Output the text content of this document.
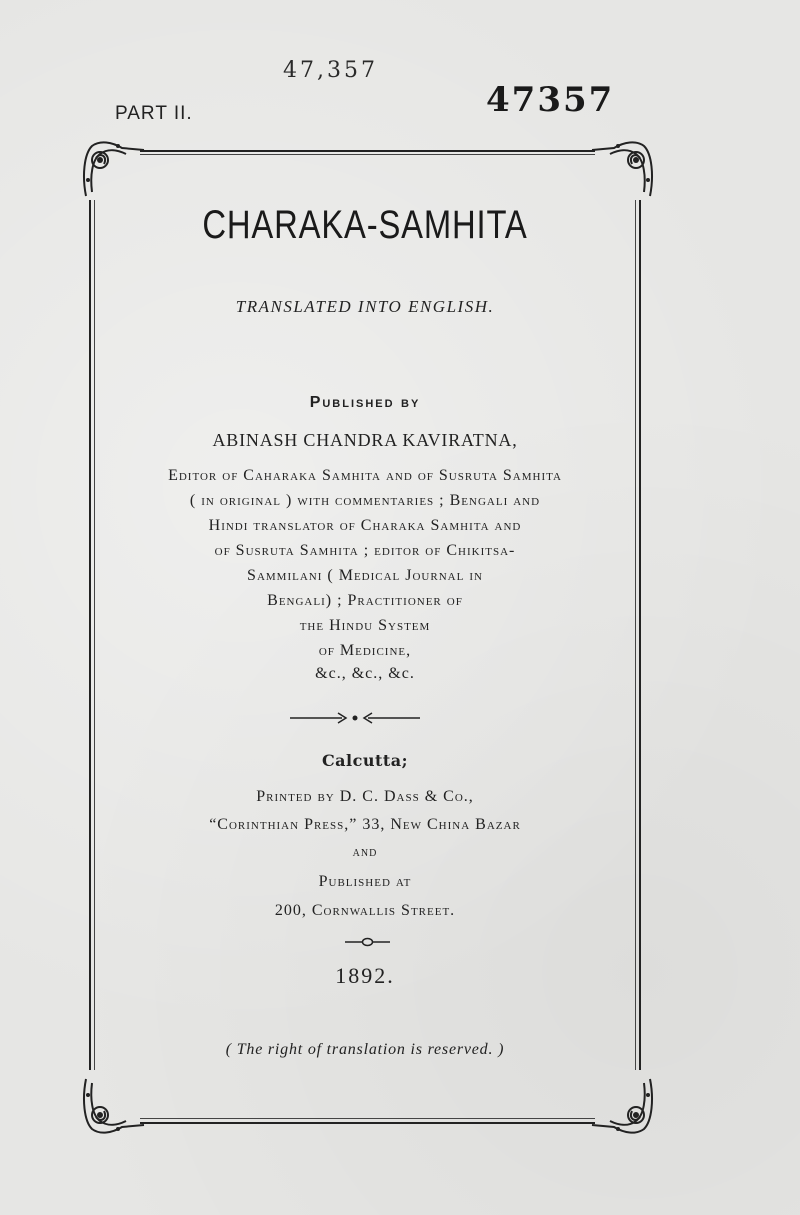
47,357
PART II.	47357
CHARAKA-SAMHITA
TRANSLATED INTO ENGLISH.
Published by
ABINASH CHANDRA KAVIRATNA,
Editor of Caharaka Samhita and of Susruta Samhita
( in original ) with commentaries ; Bengali and
Hindi translator of Charaka Samhita and
of Susruta Samhita ; editor of Chikitsa-
Sammilani ( Medical Journal in
Bengali) ; Practitioner of
the Hindu System
of Medicine,
&c., &c., &c.
Calcutta;
Printed by D. C. Dass & Co.,
“Corinthian Press,” 33, New China Bazar
and
Published at
200, Cornwallis Street.
1892.
( The right of translation is reserved. )
